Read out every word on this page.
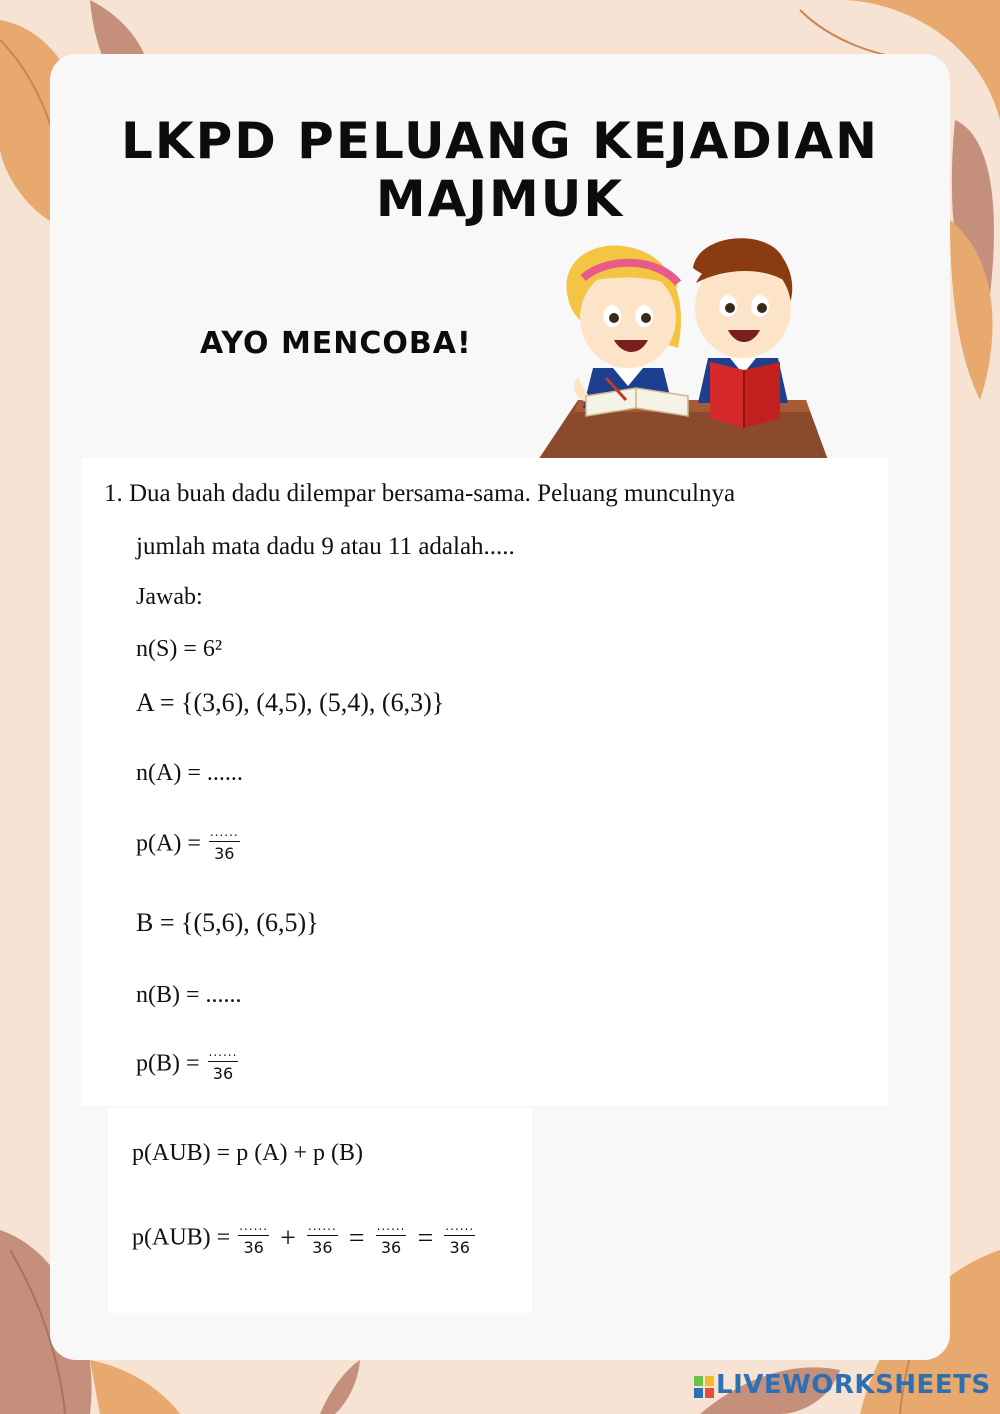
LKPD PELUANG KEJADIAN MAJMUK
AYO MENCOBA!
1. Dua buah dadu dilempar bersama-sama. Peluang munculnya
jumlah mata dadu 9 atau 11 adalah.....
Jawab:
n(S) = 6²
A = {(3,6), (4,5), (5,4), (6,3)}
n(A) = ......
$p(A) = \frac{......}{36}$
B = {(5,6), (6,5)}
n(B) = ......
$p(B) = \frac{......}{36}$
p(AUB) = p (A) + p (B)
$p(AUB) = \frac{......}{36} + \frac{......}{36} = \frac{......}{36} = \frac{......}{36}$
LIVEWORKSHEETS
